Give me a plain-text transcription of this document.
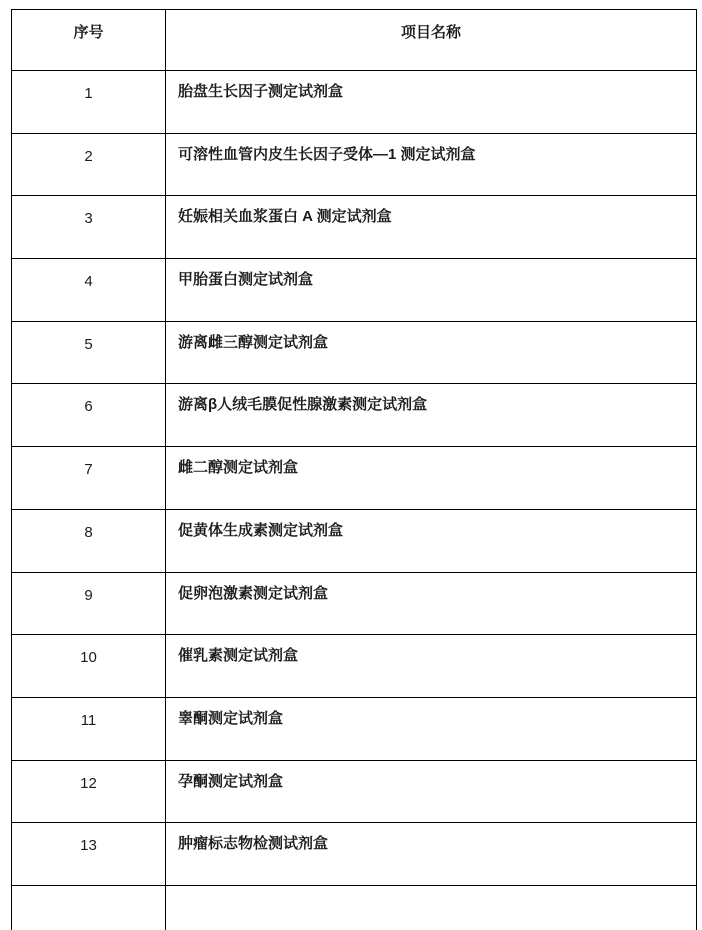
序号	项目名称
1	胎盘生长因子测定试剂盒
2	可溶性血管内皮生长因子受体—1 测定试剂盒
3	妊娠相关血浆蛋白 A 测定试剂盒
4	甲胎蛋白测定试剂盒
5	游离雌三醇测定试剂盒
6	游离β人绒毛膜促性腺激素测定试剂盒
7	雌二醇测定试剂盒
8	促黄体生成素测定试剂盒
9	促卵泡激素测定试剂盒
10	催乳素测定试剂盒
11	睾酮测定试剂盒
12	孕酮测定试剂盒
13	肿瘤标志物检测试剂盒
